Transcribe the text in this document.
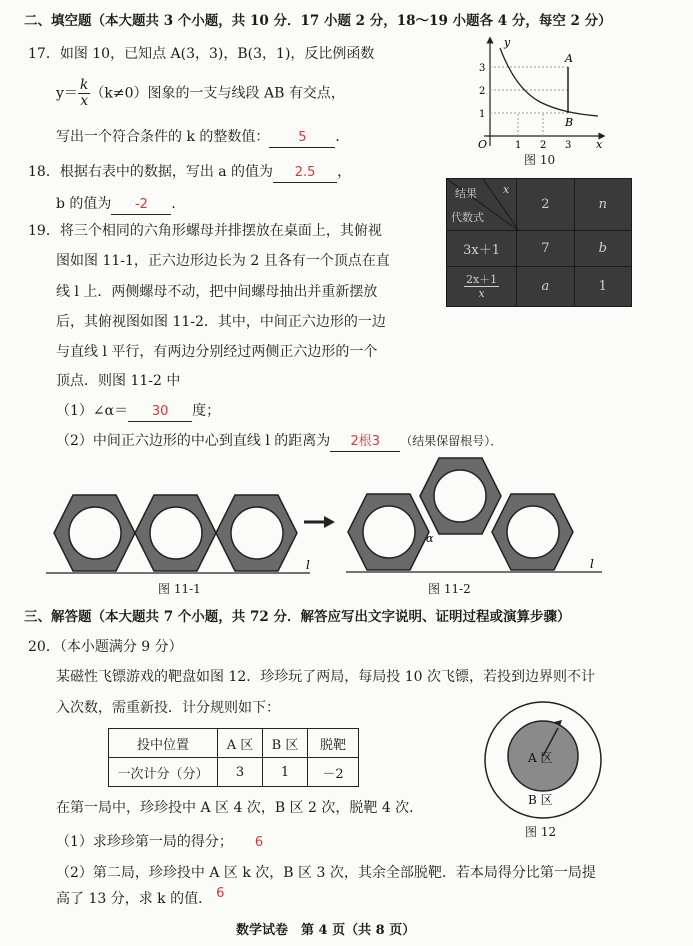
二、填空题（本大题共 3 个小题，共 10 分．17 小题 2 分，18～19 小题各 4 分，每空 2 分）
17．如图 10，已知点 A(3，3)，B(3，1)，反比例函数
$y= \frac{k}{x} (k\ne 0)$图象的一支与线段 AB 有交点，
写出一个符合条件的 k 的整数值： 5 ．
y
x
O	1 2 3
1
2
3
A
B
图 10
18．根据右表中的数据，写出 a 的值为 2.5 ，
b 的值为 -2 ．
结果 x
代数式	2	n
3x＋1	7	b

$\frac{2x+1}{x}$	a	1
19．将三个相同的六角形螺母并排摆放在桌面上，其俯视
图如图 11-1，正六边形边长为 2 且各有一个顶点在直
线 l 上．两侧螺母不动，把中间螺母抽出并重新摆放
后，其俯视图如图 11-2．其中，中间正六边形的一边
与直线 l 平行，有两边分别经过两侧正六边形的一个
顶点．则图 11-2 中
（1）∠α＝ 30 度；
（2）中间正六边形的中心到直线 l 的距离为 2根3 （结果保留根号）．
l
图 11-1
α
l
图 11-2
三、解答题（本大题共 7 个小题，共 72 分．解答应写出文字说明、证明过程或演算步骤）
20．（本小题满分 9 分）
某磁性飞镖游戏的靶盘如图 12．珍珍玩了两局，每局投 10 次飞镖，若投到边界则不计
入次数，需重新投．计分规则如下：
投中位置	A 区	B 区	脱靶
一次计分（分）	3	1	－2
在第一局中，珍珍投中 A 区 4 次，B 区 2 次，脱靶 4 次．
（1）求珍珍第一局的得分； 6
（2）第二局，珍珍投中 A 区 k 次，B 区 3 次，其余全部脱靶．若本局得分比第一局提
高了 13 分，求 k 的值． 6
A 区
B 区
图 12
数学试卷　第 4 页（共 8 页）
